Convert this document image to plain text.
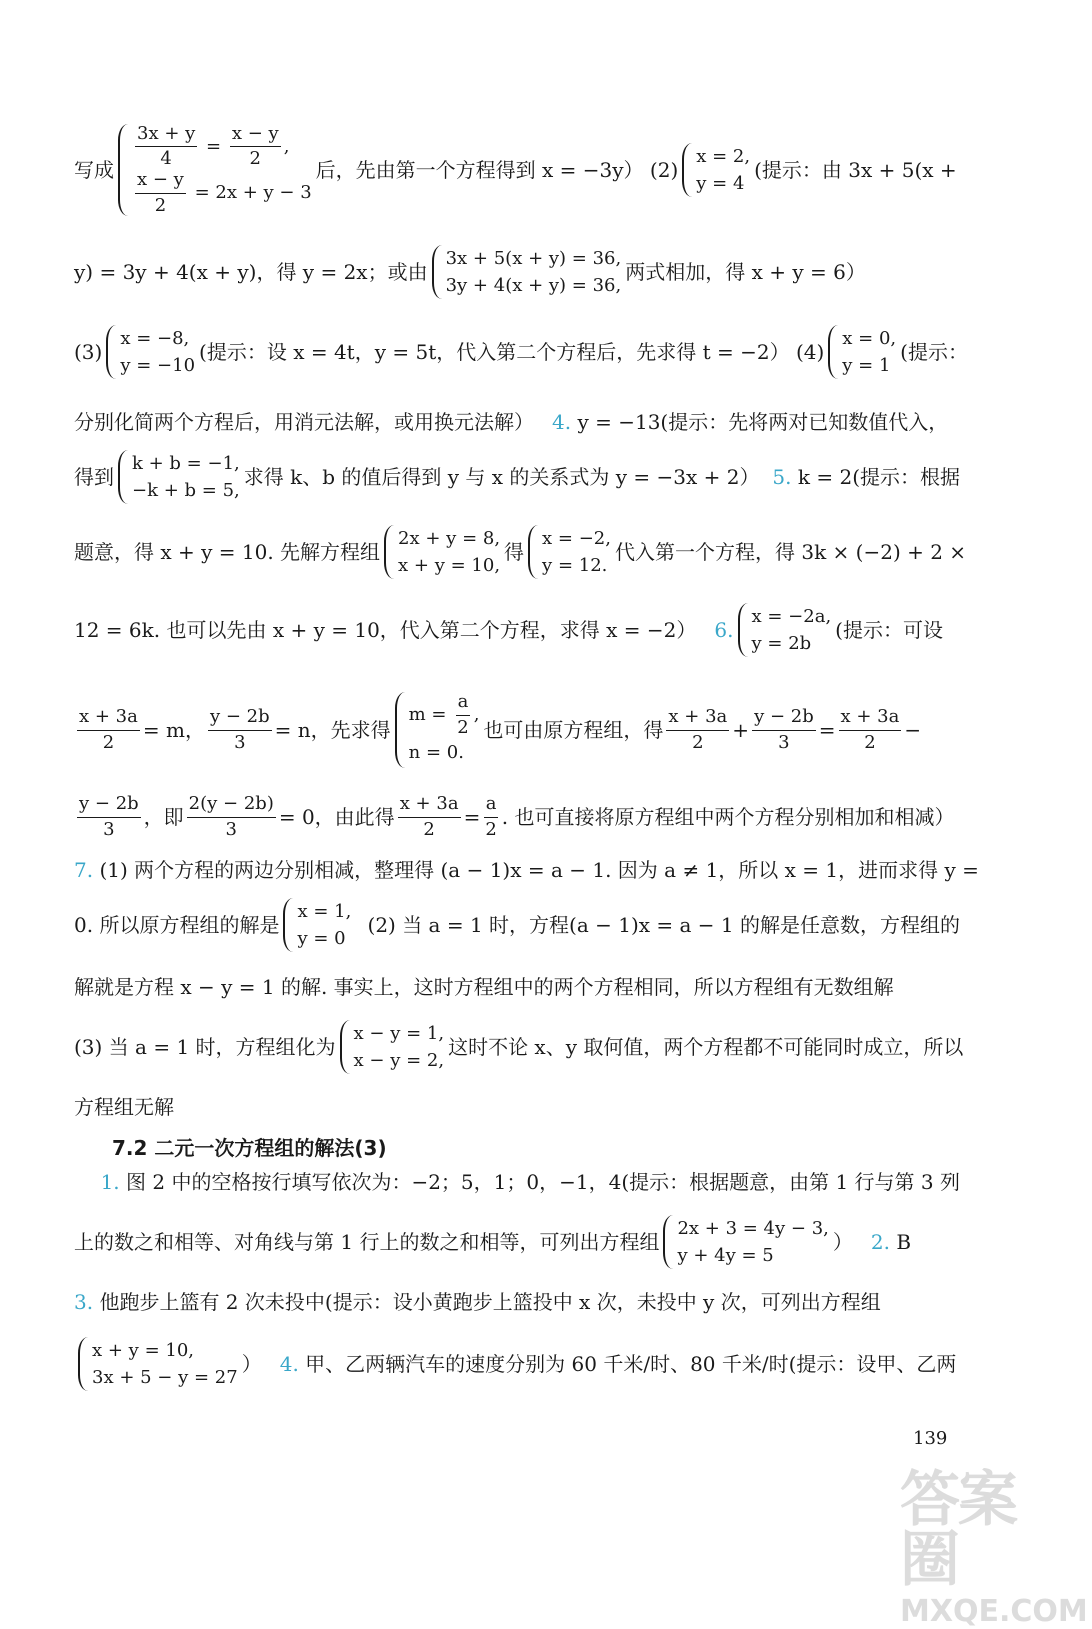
写成 $\frac{3x + y}{4} = \frac{x - y}{2}$ ,
$\frac{x - y}{2} = 2x + y - 3$
后，先由第一个方程得到 x = −3y） (2)
x = 2,
y = 4
(提示：由 3x + 5(x +
y) = 3y + 4(x + y)，得 y = 2x；或由
3x + 5(x + y) = 36,
3y + 4(x + y) = 36,
两式相加，得 x + y = 6）
(3)
x = −8,
y = −10
(提示：设 x = 4t，y = 5t，代入第二个方程后，先求得 t = −2） (4)
x = 0,
y = 1
(提示：
分别化简两个方程后，用消元法解，或用换元法解） 4.
y = −13(提示：先将两对已知数值代入，
得到
k + b = −1,
−k + b = 5,
求得 k、b 的值后得到 y 与 x 的关系式为 y = −3x + 2） 5.
k = 2(提示：根据
题意，得 x + y = 10. 先解方程组
2x + y = 8,
x + y = 10,
得
x = −2,
y = 12.
代入第一个方程，得 3k × (−2) + 2 ×
12 = 6k. 也可以先由 x + y = 10，代入第二个方程，求得 x = −2） 6.
x = −2a,
y = 2b
(提示：可设
$\frac{x + 3a}{2} = m$， $\frac{y - 2b}{3} = n$，先求得
$m = \frac{a}{2}$ ,
n = 0.
也可由原方程组，得 $\frac{x + 3a}{2} + \frac{y - 2b}{3} = \frac{x + 3a}{2}$ −
$\frac{y - 2b}{3}$ ，即 $\frac{2(y - 2b)}{3} = 0$，由此得 $\frac{x + 3a}{2} = \frac{a}{2}$ . 也可直接将原方程组中两个方程分别相加和相减）
7.
(1) 两个方程的两边分别相减，整理得 (a − 1)x = a − 1. 因为 a ≠ 1，所以 x = 1，进而求得 y =
0. 所以原方程组的解是
x = 1,
y = 0
(2) 当 a = 1 时，方程(a − 1)x = a − 1 的解是任意数，方程组的
解就是方程 x − y = 1 的解. 事实上，这时方程组中的两个方程相同，所以方程组有无数组解
(3) 当 a = 1 时，方程组化为
x − y = 1,
x − y = 2,
这时不论 x、y 取何值，两个方程都不可能同时成立，所以
方程组无解
7.2 二元一次方程组的解法(3)
1.
图 2 中的空格按行填写依次为：−2；5，1；0，−1，4(提示：根据题意，由第 1 行与第 3 列
上的数之和相等、对角线与第 1 行上的数之和相等，可列出方程组
2x + 3 = 4y − 3,
y + 4y = 5
） 2.
B
3.
他跑步上篮有 2 次未投中(提示：设小黄跑步上篮投中 x 次，未投中 y 次，可列出方程组
x + y = 10,
3x + 5 − y = 27
） 4.
甲、乙两辆汽车的速度分别为 60 千米/时、80 千米/时(提示：设甲、乙两
139
答案圈
MXQE.COM
